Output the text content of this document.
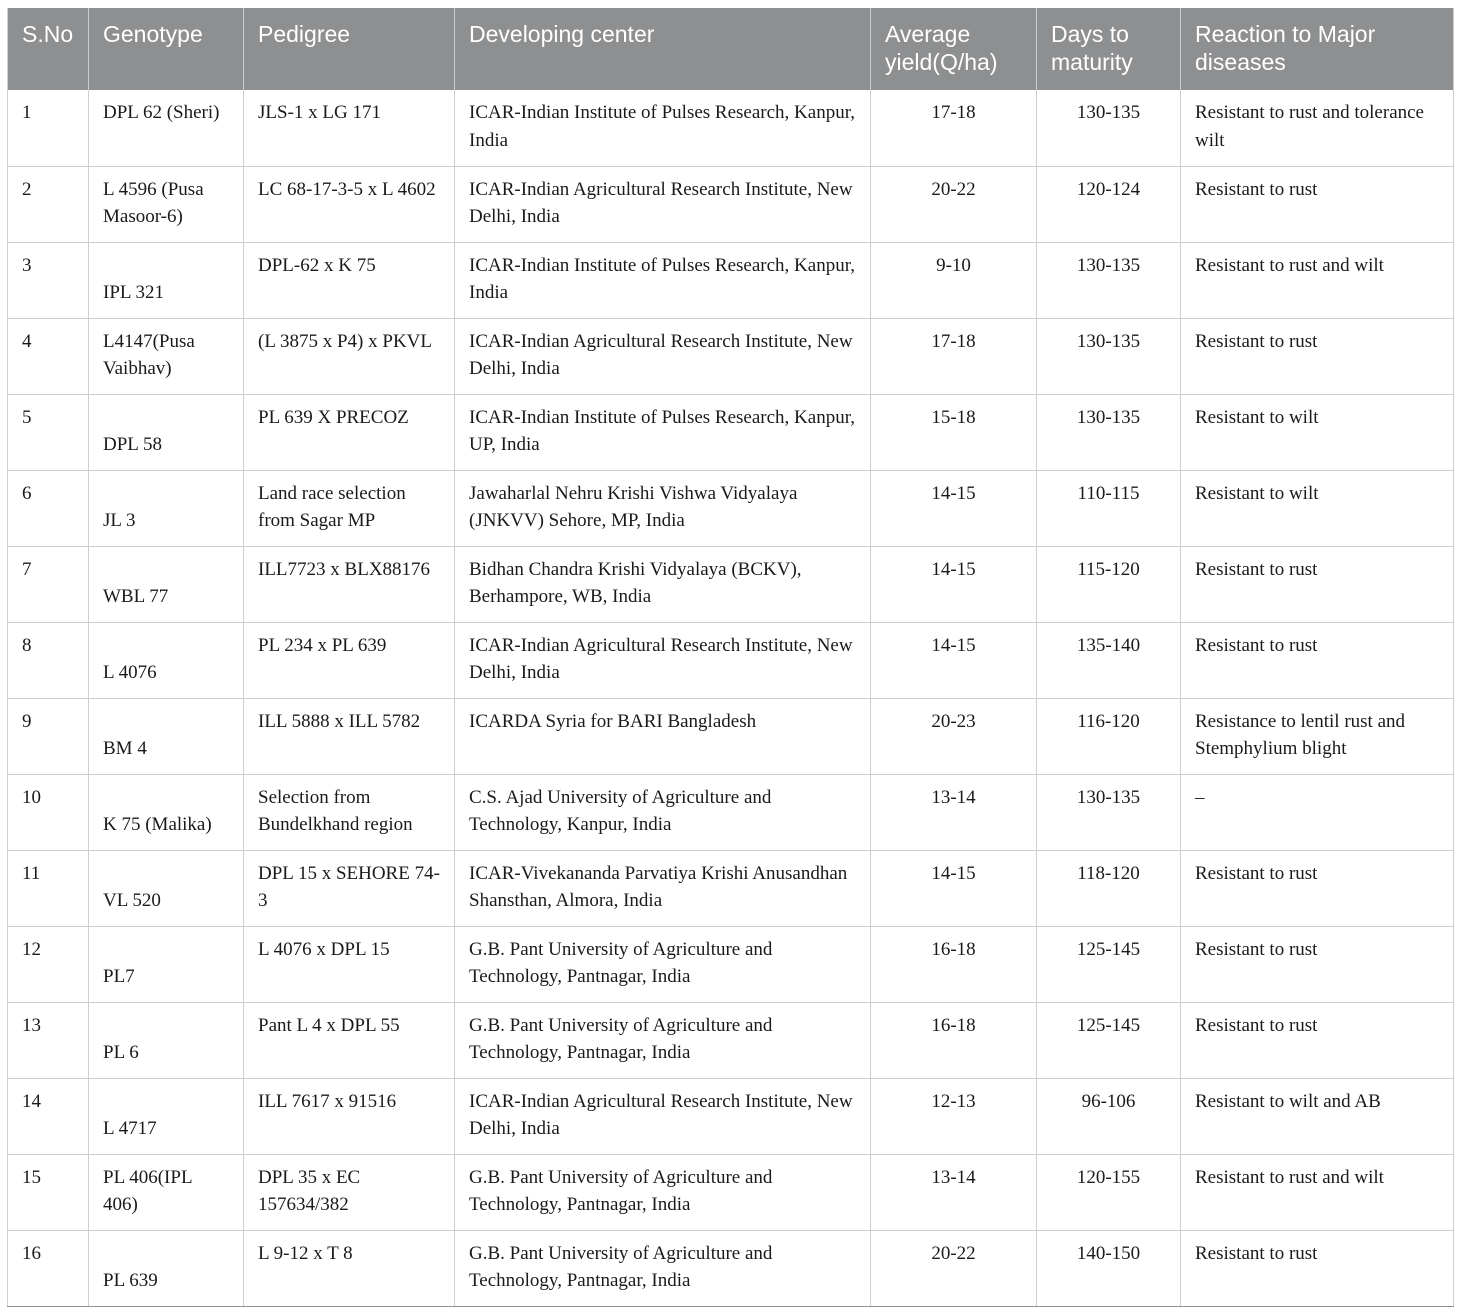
S.No	Genotype	Pedigree	Developing center	Average yield(Q/ha)	Days to maturity	Reaction to Major diseases
1	DPL 62 (Sheri)	JLS-1 x LG 171	ICAR-Indian Institute of Pulses Research, Kanpur, India	17-18	130-135	Resistant to rust and tolerance wilt
2	L 4596 (Pusa Masoor-6)	LC 68-17-3-5 x L 4602	ICAR-Indian Agricultural Research Institute, New Delhi, India	20-22	120-124	Resistant to rust
3	IPL 321	DPL-62 x K 75	ICAR-Indian Institute of Pulses Research, Kanpur, India	9-10	130-135	Resistant to rust and wilt
4	L4147(Pusa Vaibhav)	(L 3875 x P4) x PKVL	ICAR-Indian Agricultural Research Institute, New Delhi, India	17-18	130-135	Resistant to rust
5	DPL 58	PL 639 X PRECOZ	ICAR-Indian Institute of Pulses Research, Kanpur, UP, India	15-18	130-135	Resistant to wilt
6	JL 3	Land race selection from Sagar MP	Jawaharlal Nehru Krishi Vishwa Vidyalaya (JNKVV) Sehore, MP, India	14-15	110-115	Resistant to wilt
7	WBL 77	ILL7723 x BLX88176	Bidhan Chandra Krishi Vidyalaya (BCKV), Berhampore, WB, India	14-15	115-120	Resistant to rust
8	L 4076	PL 234 x PL 639	ICAR-Indian Agricultural Research Institute, New Delhi, India	14-15	135-140	Resistant to rust
9	BM 4	ILL 5888 x ILL 5782	ICARDA Syria for BARI Bangladesh	20-23	116-120	Resistance to lentil rust and Stemphylium blight
10	K 75 (Malika)	Selection from Bundelkhand region	C.S. Ajad University of Agriculture and Technology, Kanpur, India	13-14	130-135	–
11	VL 520	DPL 15 x SEHORE 74-3	ICAR-Vivekananda Parvatiya Krishi Anusandhan Shansthan, Almora, India	14-15	118-120	Resistant to rust
12	PL7	L 4076 x DPL 15	G.B. Pant University of Agriculture and Technology, Pantnagar, India	16-18	125-145	Resistant to rust
13	PL 6	Pant L 4 x DPL 55	G.B. Pant University of Agriculture and Technology, Pantnagar, India	16-18	125-145	Resistant to rust
14	L 4717	ILL 7617 x 91516	ICAR-Indian Agricultural Research Institute, New Delhi, India	12-13	96-106	Resistant to wilt and AB
15	PL 406(IPL 406)	DPL 35 x EC 157634/382	G.B. Pant University of Agriculture and Technology, Pantnagar, India	13-14	120-155	Resistant to rust and wilt
16	PL 639	L 9-12 x T 8	G.B. Pant University of Agriculture and Technology, Pantnagar, India	20-22	140-150	Resistant to rust
